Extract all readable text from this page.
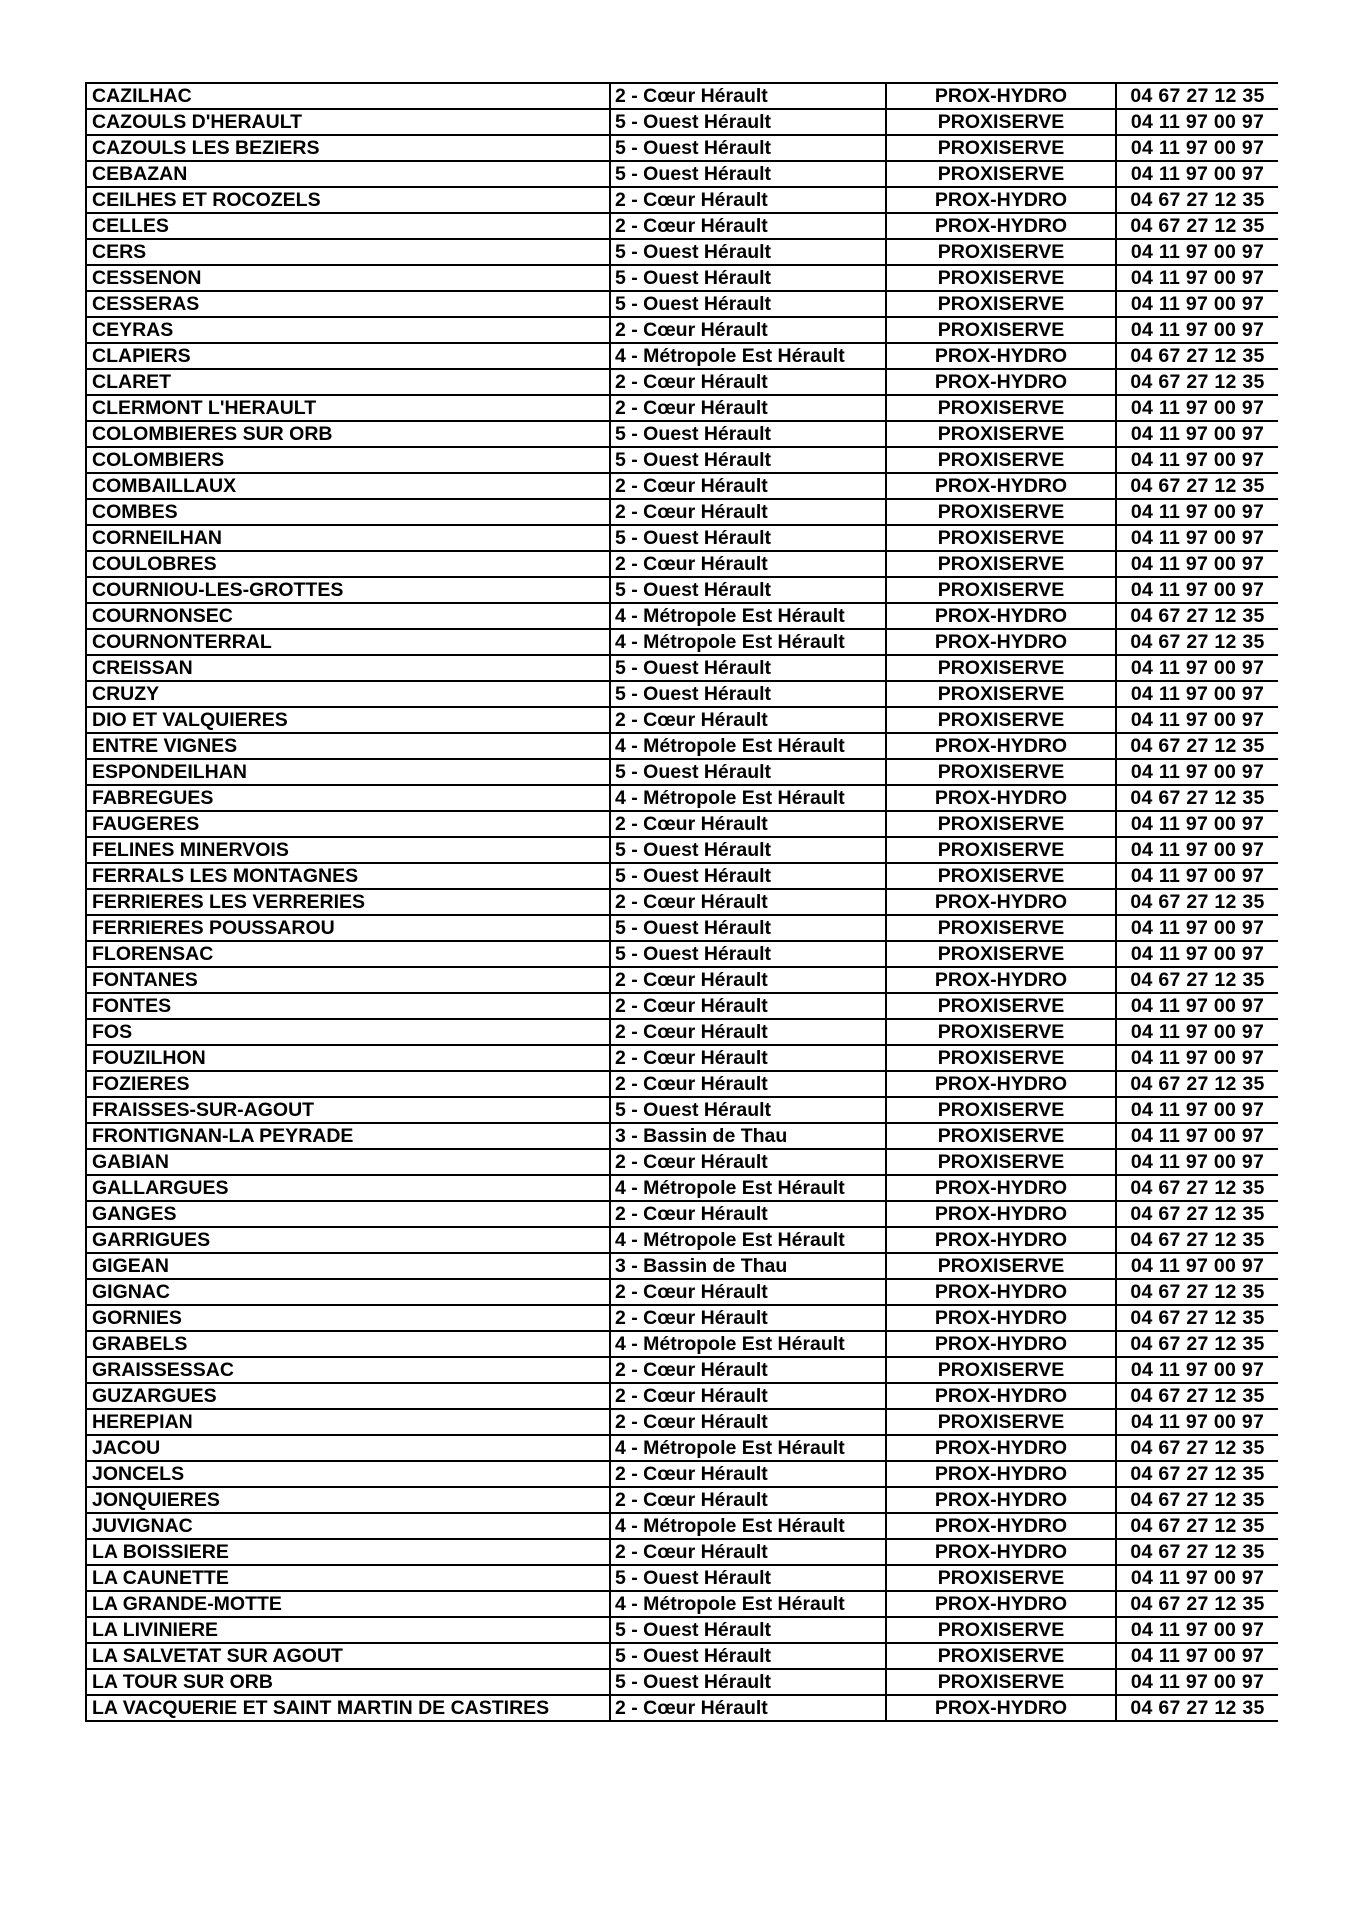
CAZILHAC	2 - Cœur Hérault	PROX-HYDRO	04 67 27 12 35
CAZOULS D'HERAULT	5 - Ouest Hérault	PROXISERVE	04 11 97 00 97
CAZOULS LES BEZIERS	5 - Ouest Hérault	PROXISERVE	04 11 97 00 97
CEBAZAN	5 - Ouest Hérault	PROXISERVE	04 11 97 00 97
CEILHES ET ROCOZELS	2 - Cœur Hérault	PROX-HYDRO	04 67 27 12 35
CELLES	2 - Cœur Hérault	PROX-HYDRO	04 67 27 12 35
CERS	5 - Ouest Hérault	PROXISERVE	04 11 97 00 97
CESSENON	5 - Ouest Hérault	PROXISERVE	04 11 97 00 97
CESSERAS	5 - Ouest Hérault	PROXISERVE	04 11 97 00 97
CEYRAS	2 - Cœur Hérault	PROXISERVE	04 11 97 00 97
CLAPIERS	4 - Métropole Est Hérault	PROX-HYDRO	04 67 27 12 35
CLARET	2 - Cœur Hérault	PROX-HYDRO	04 67 27 12 35
CLERMONT L'HERAULT	2 - Cœur Hérault	PROXISERVE	04 11 97 00 97
COLOMBIERES SUR ORB	5 - Ouest Hérault	PROXISERVE	04 11 97 00 97
COLOMBIERS	5 - Ouest Hérault	PROXISERVE	04 11 97 00 97
COMBAILLAUX	2 - Cœur Hérault	PROX-HYDRO	04 67 27 12 35
COMBES	2 - Cœur Hérault	PROXISERVE	04 11 97 00 97
CORNEILHAN	5 - Ouest Hérault	PROXISERVE	04 11 97 00 97
COULOBRES	2 - Cœur Hérault	PROXISERVE	04 11 97 00 97
COURNIOU-LES-GROTTES	5 - Ouest Hérault	PROXISERVE	04 11 97 00 97
COURNONSEC	4 - Métropole Est Hérault	PROX-HYDRO	04 67 27 12 35
COURNONTERRAL	4 - Métropole Est Hérault	PROX-HYDRO	04 67 27 12 35
CREISSAN	5 - Ouest Hérault	PROXISERVE	04 11 97 00 97
CRUZY	5 - Ouest Hérault	PROXISERVE	04 11 97 00 97
DIO ET VALQUIERES	2 - Cœur Hérault	PROXISERVE	04 11 97 00 97
ENTRE VIGNES	4 - Métropole Est Hérault	PROX-HYDRO	04 67 27 12 35
ESPONDEILHAN	5 - Ouest Hérault	PROXISERVE	04 11 97 00 97
FABREGUES	4 - Métropole Est Hérault	PROX-HYDRO	04 67 27 12 35
FAUGERES	2 - Cœur Hérault	PROXISERVE	04 11 97 00 97
FELINES MINERVOIS	5 - Ouest Hérault	PROXISERVE	04 11 97 00 97
FERRALS LES MONTAGNES	5 - Ouest Hérault	PROXISERVE	04 11 97 00 97
FERRIERES LES VERRERIES	2 - Cœur Hérault	PROX-HYDRO	04 67 27 12 35
FERRIERES POUSSAROU	5 - Ouest Hérault	PROXISERVE	04 11 97 00 97
FLORENSAC	5 - Ouest Hérault	PROXISERVE	04 11 97 00 97
FONTANES	2 - Cœur Hérault	PROX-HYDRO	04 67 27 12 35
FONTES	2 - Cœur Hérault	PROXISERVE	04 11 97 00 97
FOS	2 - Cœur Hérault	PROXISERVE	04 11 97 00 97
FOUZILHON	2 - Cœur Hérault	PROXISERVE	04 11 97 00 97
FOZIERES	2 - Cœur Hérault	PROX-HYDRO	04 67 27 12 35
FRAISSES-SUR-AGOUT	5 - Ouest Hérault	PROXISERVE	04 11 97 00 97
FRONTIGNAN-LA PEYRADE	3 - Bassin de Thau	PROXISERVE	04 11 97 00 97
GABIAN	2 - Cœur Hérault	PROXISERVE	04 11 97 00 97
GALLARGUES	4 - Métropole Est Hérault	PROX-HYDRO	04 67 27 12 35
GANGES	2 - Cœur Hérault	PROX-HYDRO	04 67 27 12 35
GARRIGUES	4 - Métropole Est Hérault	PROX-HYDRO	04 67 27 12 35
GIGEAN	3 - Bassin de Thau	PROXISERVE	04 11 97 00 97
GIGNAC	2 - Cœur Hérault	PROX-HYDRO	04 67 27 12 35
GORNIES	2 - Cœur Hérault	PROX-HYDRO	04 67 27 12 35
GRABELS	4 - Métropole Est Hérault	PROX-HYDRO	04 67 27 12 35
GRAISSESSAC	2 - Cœur Hérault	PROXISERVE	04 11 97 00 97
GUZARGUES	2 - Cœur Hérault	PROX-HYDRO	04 67 27 12 35
HEREPIAN	2 - Cœur Hérault	PROXISERVE	04 11 97 00 97
JACOU	4 - Métropole Est Hérault	PROX-HYDRO	04 67 27 12 35
JONCELS	2 - Cœur Hérault	PROX-HYDRO	04 67 27 12 35
JONQUIERES	2 - Cœur Hérault	PROX-HYDRO	04 67 27 12 35
JUVIGNAC	4 - Métropole Est Hérault	PROX-HYDRO	04 67 27 12 35
LA BOISSIERE	2 - Cœur Hérault	PROX-HYDRO	04 67 27 12 35
LA CAUNETTE	5 - Ouest Hérault	PROXISERVE	04 11 97 00 97
LA GRANDE-MOTTE	4 - Métropole Est Hérault	PROX-HYDRO	04 67 27 12 35
LA LIVINIERE	5 - Ouest Hérault	PROXISERVE	04 11 97 00 97
LA SALVETAT SUR AGOUT	5 - Ouest Hérault	PROXISERVE	04 11 97 00 97
LA TOUR SUR ORB	5 - Ouest Hérault	PROXISERVE	04 11 97 00 97
LA VACQUERIE ET SAINT MARTIN DE CASTIRES	2 - Cœur Hérault	PROX-HYDRO	04 67 27 12 35
